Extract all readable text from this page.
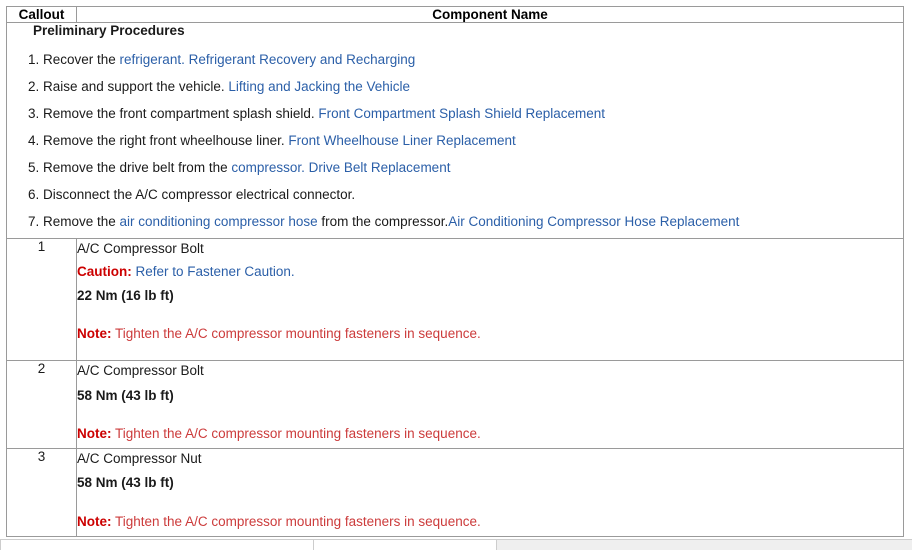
Callout	Component Name

Preliminary Procedures
1. Recover the refrigerant. Refrigerant Recovery and Recharging
2. Raise and support the vehicle. Lifting and Jacking the Vehicle
3. Remove the front compartment splash shield. Front Compartment Splash Shield Replacement
4. Remove the right front wheelhouse liner. Front Wheelhouse Liner Replacement
5. Remove the drive belt from the compressor. Drive Belt Replacement
6. Disconnect the A/C compressor electrical connector.
7. Remove the air conditioning compressor hose from the compressor.Air Conditioning Compressor Hose Replacement

1	A/C Compressor Bolt
Caution: Refer to Fastener Caution.
22 Nm (16 lb ft)
Note: Tighten the A/C compressor mounting fasteners in sequence.

2	A/C Compressor Bolt
58 Nm (43 lb ft)
Note: Tighten the A/C compressor mounting fasteners in sequence.

3	A/C Compressor Nut
58 Nm (43 lb ft)
Note: Tighten the A/C compressor mounting fasteners in sequence.
